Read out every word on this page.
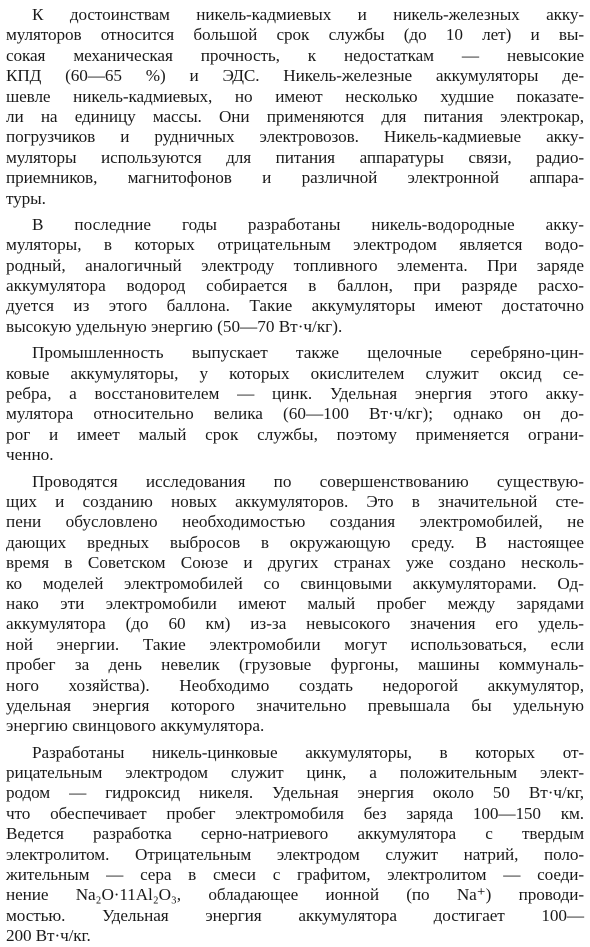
К достоинствам никель-кадмиевых и никель-железных акку-
муляторов относится большой срок службы (до 10 лет) и вы-
сокая механическая прочность, к недостаткам — невысокие
КПД (60—65 %) и ЭДС. Никель-железные аккумуляторы де-
шевле никель-кадмиевых, но имеют несколько худшие показате-
ли на единицу массы. Они применяются для питания электрокар,
погрузчиков и рудничных электровозов. Никель-кадмиевые акку-
муляторы используются для питания аппаратуры связи, радио-
приемников, магнитофонов и различной электронной аппара-
туры.
В последние годы разработаны никель-водородные акку-
муляторы, в которых отрицательным электродом является водо-
родный, аналогичный электроду топливного элемента. При заряде
аккумулятора водород собирается в баллон, при разряде расхо-
дуется из этого баллона. Такие аккумуляторы имеют достаточно
высокую удельную энергию (50—70 Вт·ч/кг).
Промышленность выпускает также щелочные серебряно-цин-
ковые аккумуляторы, у которых окислителем служит оксид се-
ребра, а восстановителем — цинк. Удельная энергия этого акку-
мулятора относительно велика (60—100 Вт·ч/кг); однако он до-
рог и имеет малый срок службы, поэтому применяется ограни-
ченно.
Проводятся исследования по совершенствованию существую-
щих и созданию новых аккумуляторов. Это в значительной сте-
пени обусловлено необходимостью создания электромобилей, не
дающих вредных выбросов в окружающую среду. В настоящее
время в Советском Союзе и других странах уже создано несколь-
ко моделей электромобилей со свинцовыми аккумуляторами. Од-
нако эти электромобили имеют малый пробег между зарядами
аккумулятора (до 60 км) из-за невысокого значения его удель-
ной энергии. Такие электромобили могут использоваться, если
пробег за день невелик (грузовые фургоны, машины коммуналь-
ного хозяйства). Необходимо создать недорогой аккумулятор,
удельная энергия которого значительно превышала бы удельную
энергию свинцового аккумулятора.
Разработаны никель-цинковые аккумуляторы, в которых от-
рицательным электродом служит цинк, а положительным элект-
родом — гидроксид никеля. Удельная энергия около 50 Вт·ч/кг,
что обеспечивает пробег электромобиля без заряда 100—150 км.
Ведется разработка серно-натриевого аккумулятора с твердым
электролитом. Отрицательным электродом служит натрий, поло-
жительным — сера в смеси с графитом, электролитом — соеди-
нение Na₂O·11Al₂O₃, обладающее ионной (по Na⁺) проводи-
мостью. Удельная энергия аккумулятора достигает 100—
200 Вт·ч/кг.
